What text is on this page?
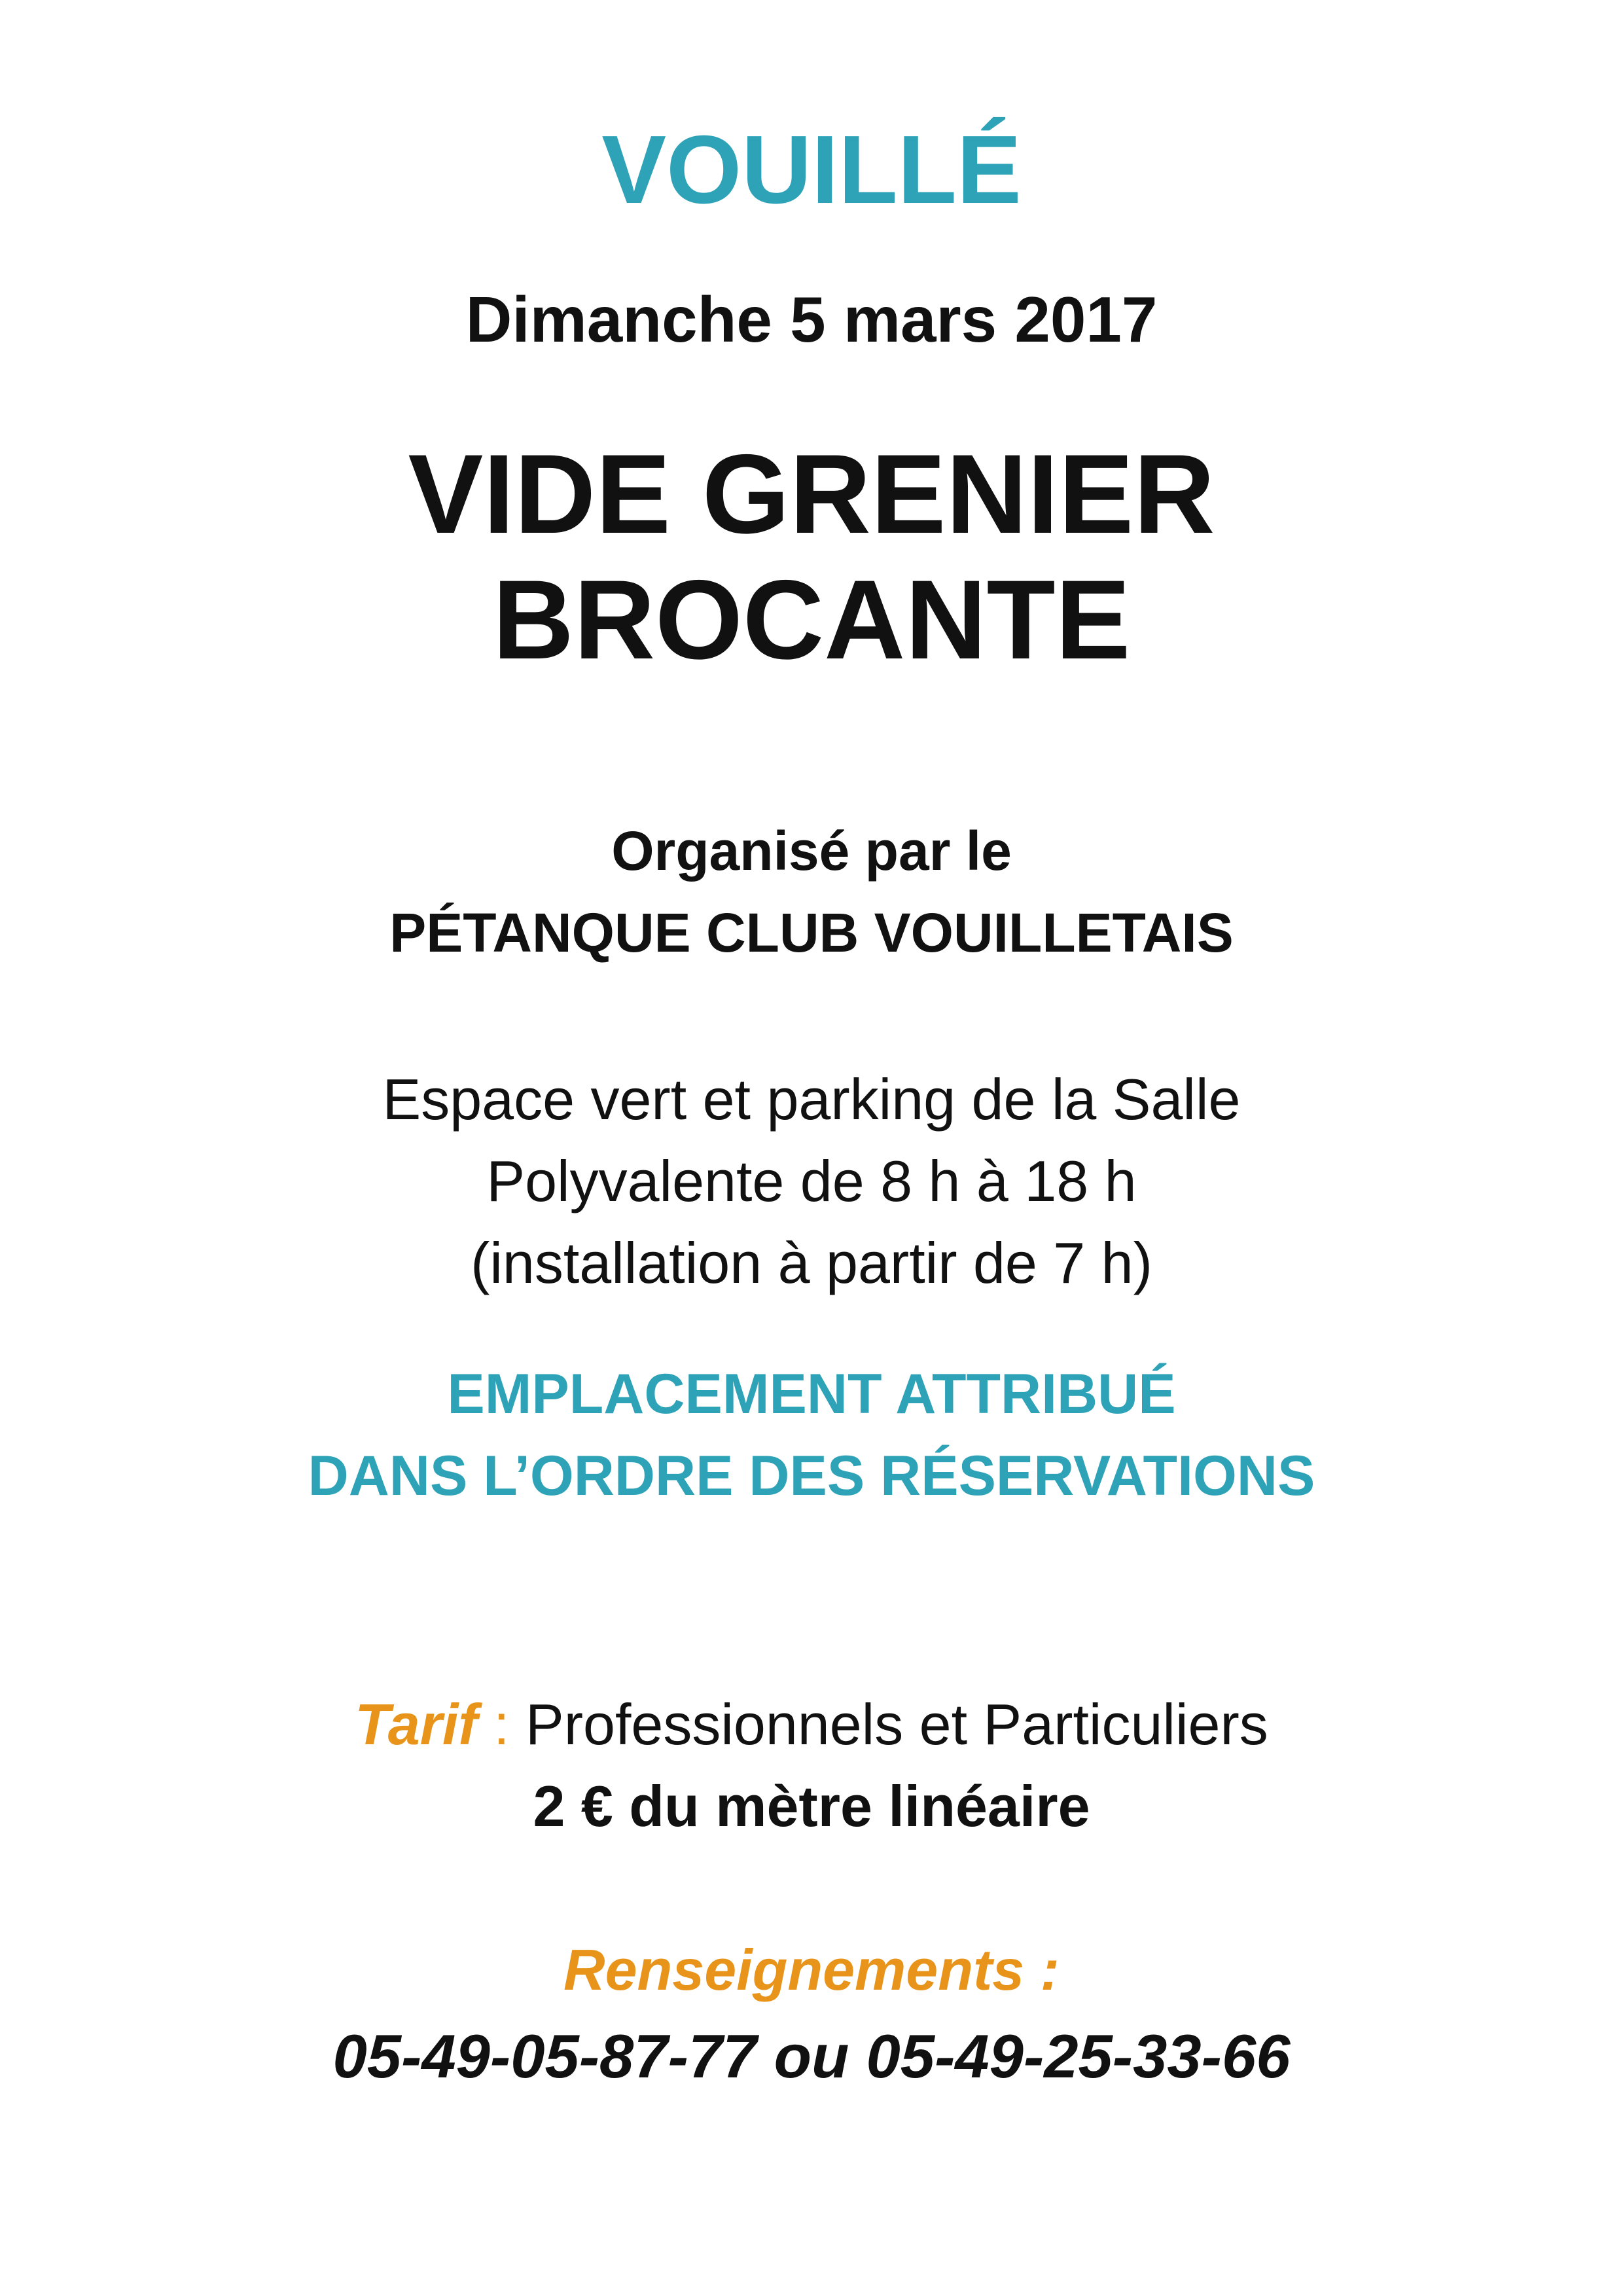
VOUILLÉ

Dimanche 5 mars 2017

VIDE GRENIER

BROCANTE

Organisé par le

PÉTANQUE CLUB VOUILLETAIS

Espace vert et parking de la Salle

Polyvalente de 8 h à 18 h

(installation à partir de 7 h)

EMPLACEMENT ATTRIBUÉ

DANS L’ORDRE DES RÉSERVATIONS

Tarif : Professionnels et Particuliers

2 € du mètre linéaire

Renseignements :

05-49-05-87-77 ou 05-49-25-33-66
